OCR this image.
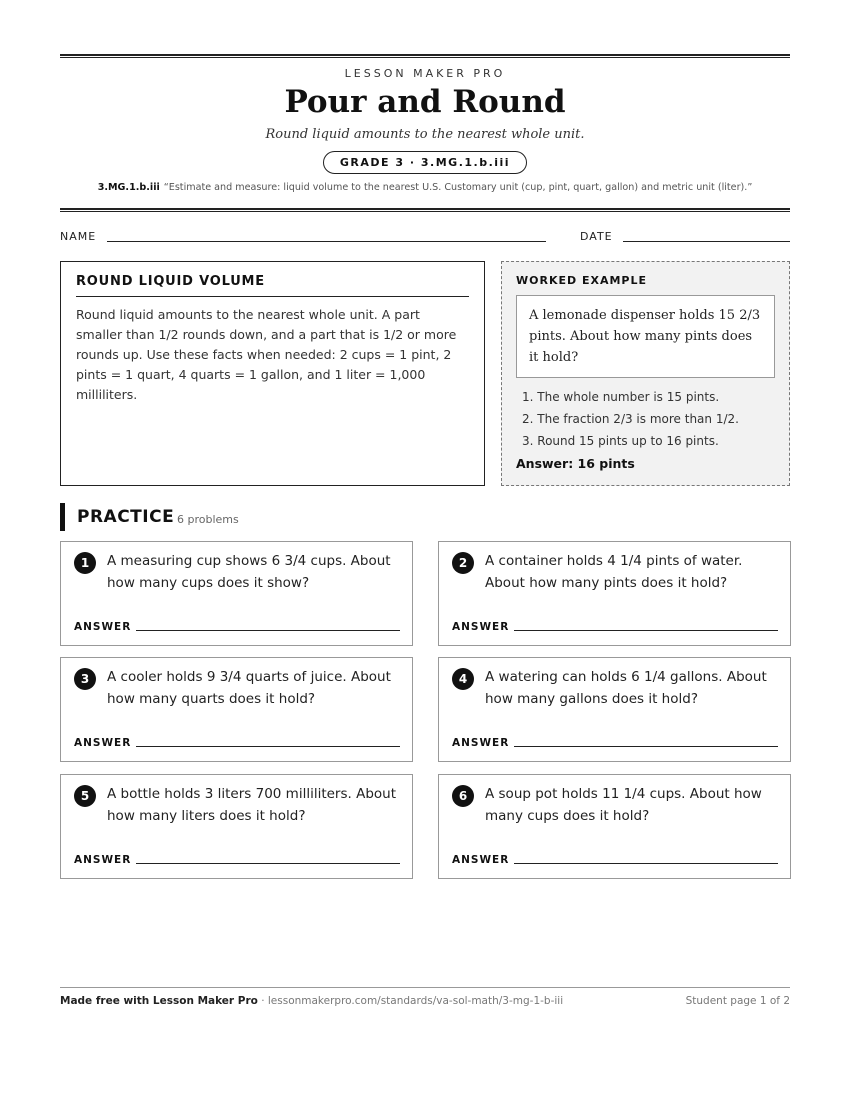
LESSON MAKER PRO
Pour and Round
Round liquid amounts to the nearest whole unit.
GRADE 3 · 3.MG.1.b.iii
3.MG.1.b.iii “Estimate and measure: liquid volume to the nearest U.S. Customary unit (cup, pint, quart, gallon) and metric unit (liter).”
NAME	DATE
ROUND LIQUID VOLUME
Round liquid amounts to the nearest whole unit. A part smaller than 1/2 rounds down, and a part that is 1/2 or more rounds up. Use these facts when needed: 2 cups = 1 pint, 2 pints = 1 quart, 4 quarts = 1 gallon, and 1 liter = 1,000 milliliters.
WORKED EXAMPLE
A lemonade dispenser holds 15 2/3 pints. About how many pints does it hold?
1. The whole number is 15 pints.
2. The fraction 2/3 is more than 1/2.
3. Round 15 pints up to 16 pints.
Answer: 16 pints
PRACTICE 6 problems
1	A measuring cup shows 6 3/4 cups. About how many cups does it show?
ANSWER
2	A container holds 4 1/4 pints of water. About how many pints does it hold?
ANSWER
3	A cooler holds 9 3/4 quarts of juice. About how many quarts does it hold?
ANSWER
4	A watering can holds 6 1/4 gallons. About how many gallons does it hold?
ANSWER
5	A bottle holds 3 liters 700 milliliters. About how many liters does it hold?
ANSWER
6	A soup pot holds 11 1/4 cups. About how many cups does it hold?
ANSWER
Made free with Lesson Maker Pro · lessonmakerpro.com/standards/va-sol-math/3-mg-1-b-iii	Student page 1 of 2
